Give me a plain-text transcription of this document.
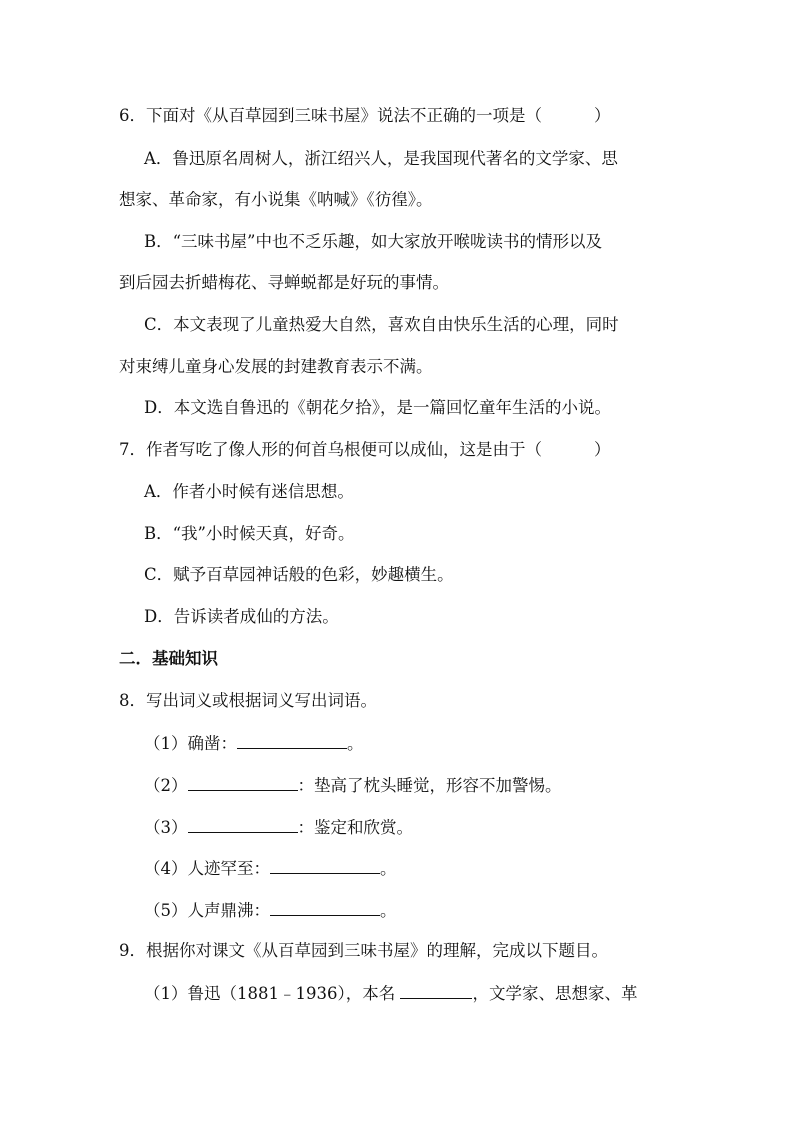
6．下面对《从百草园到三味书屋》说法不正确的一项是（	）
A．鲁迅原名周树人，浙江绍兴人，是我国现代著名的文学家、思
想家、革命家，有小说集《呐喊》《彷徨》。
B．“三味书屋”中也不乏乐趣，如大家放开喉咙读书的情形以及
到后园去折蜡梅花、寻蝉蜕都是好玩的事情。
C．本文表现了儿童热爱大自然，喜欢自由快乐生活的心理，同时
对束缚儿童身心发展的封建教育表示不满。
D．本文选自鲁迅的《朝花夕拾》，是一篇回忆童年生活的小说。
7．作者写吃了像人形的何首乌根便可以成仙，这是由于（	）
A．作者小时候有迷信思想。
B．“我”小时候天真，好奇。
C．赋予百草园神话般的色彩，妙趣横生。
D．告诉读者成仙的方法。
二．基础知识
8．写出词义或根据词义写出词语。
（1）确凿：	。
（2）	：垫高了枕头睡觉，形容不加警惕。
（3）	：鉴定和欣赏。
（4）人迹罕至：	。
（5）人声鼎沸：	。
9．根据你对课文《从百草园到三味书屋》的理解，完成以下题目。
（1）鲁迅（1881﹣1936），本名	，文学家、思想家、革
